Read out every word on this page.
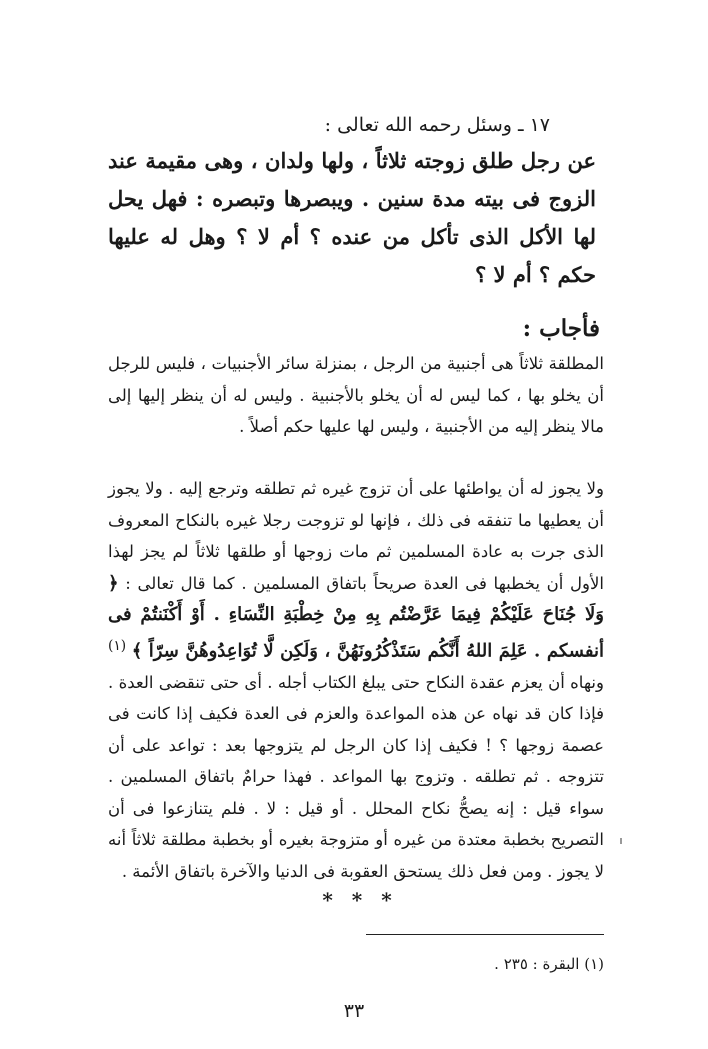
١٧ ـ وسئل رحمه الله تعالى :
عن رجل طلق زوجته ثلاثاً ، ولها ولدان ، وهى مقيمة عند الزوج فى بيته مدة سنين . ويبصرها وتبصره : فهل يحل لها الأكل الذى تأكل من عنده ؟ أم لا ؟ وهل له عليها حكم ؟ أم لا ؟
فأجاب :
المطلقة ثلاثاً هى أجنبية من الرجل ، بمنزلة سائر الأجنبيات ، فليس للرجل أن يخلو بها ، كما ليس له أن يخلو بالأجنبية . وليس له أن ينظر إليها إلى مالا ينظر إليه من الأجنبية ، وليس لها عليها حكم أصلاً .
ولا يجوز له أن يواطئها على أن تزوج غيره ثم تطلقه وترجع إليه . ولا يجوز أن يعطيها ما تنفقه فى ذلك ، فإنها لو تزوجت رجلا غيره بالنكاح المعروف الذى جرت به عادة المسلمين ثم مات زوجها أو طلقها ثلاثاً لم يجز لهذا الأول أن يخطبها فى العدة صريحاً باتفاق المسلمين . كما قال تعالى : ﴿ وَلَا جُنَاحَ عَلَيْكُمْ فِيمَا عَرَّضْتُم بِهِ مِنْ خِطْبَةِ النِّسَاءِ . أَوْ أَكْنَنتُمْ فى أنفسكم . عَلِمَ اللهُ أَنَّكُم سَتَذْكُرُونَهُنَّ ، وَلَكِن لَّا تُوَاعِدُوهُنَّ سِرّاً ﴾ $^{(١)}$ ونهاه أن يعزم عقدة النكاح حتى يبلغ الكتاب أجله . أى حتى تنقضى العدة . فإذا كان قد نهاه عن هذه المواعدة والعزم فى العدة فكيف إذا كانت فى عصمة زوجها ؟ ! فكيف إذا كان الرجل لم يتزوجها بعد : تواعد على أن تتزوجه . ثم تطلقه . وتزوج بها المواعد . فهذا حرامٌ باتفاق المسلمين . سواء قيل : إنه يصحُّ نكاح المحلل . أو قيل : لا . فلم يتنازعوا فى أن التصريح بخطبة معتدة من غيره أو متزوجة بغيره أو بخطبة مطلقة ثلاثاً أنه لا يجوز . ومن فعل ذلك يستحق العقوبة فى الدنيا والآخرة باتفاق الأئمة .
* * *
(١) البقرة : ٢٣٥ .
٣٣
